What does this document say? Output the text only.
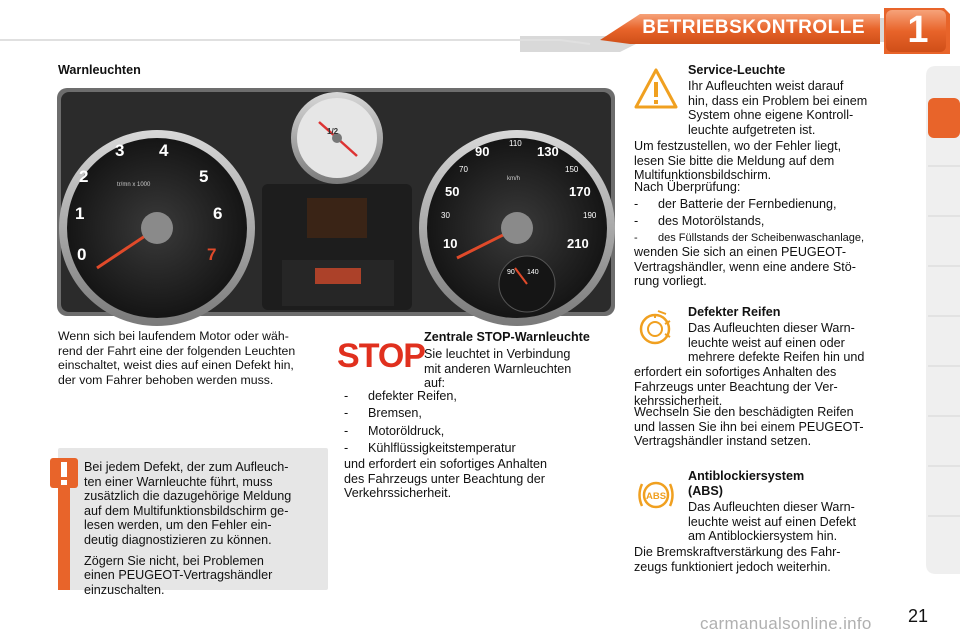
BETRIEBSKONTROLLE	1
Warnleuchten
0
1
2
3 4
5
6
7
tr/mn x 1000
10
30
50
70
90
110
130
150
170
190
210
km/h
90 140
1/2
Wenn sich bei laufendem Motor oder wäh-
rend der Fahrt eine der folgenden Leuchten
einschaltet, weist dies auf einen Defekt hin,
der vom Fahrer behoben werden muss.
Bei jedem Defekt, der zum Aufleuch-
ten einer Warnleuchte führt, muss
zusätzlich die dazugehörige Meldung
auf dem Multifunktionsbildschirm ge-
lesen werden, um den Fehler ein-
deutig diagnostizieren zu können.
Zögern Sie nicht, bei Problemen
einen PEUGEOT-Vertragshändler
einzuschalten.
STOP Zentrale STOP-Warnleuchte
Sie leuchtet in Verbindung
mit anderen Warnleuchten
auf:
- defekter Reifen,
- Bremsen,
- Motoröldruck,
- Kühlflüssigkeitstemperatur
und erfordert ein sofortiges Anhalten
des Fahrzeugs unter Beachtung der
Verkehrssicherheit.
Service-Leuchte
Ihr Aufleuchten weist darauf
hin, dass ein Problem bei einem
System ohne eigene Kontroll-
leuchte aufgetreten ist.
Um festzustellen, wo der Fehler liegt,
lesen Sie bitte die Meldung auf dem
Multifunktionsbildschirm.
Nach Überprüfung:
- der Batterie der Fernbedienung,
- des Motorölstands,
- des Füllstands der Scheibenwaschanlage,
wenden Sie sich an einen PEUGEOT-
Vertragshändler, wenn eine andere Stö-
rung vorliegt.
Defekter Reifen
Das Aufleuchten dieser Warn-
leuchte weist auf einen oder
mehrere defekte Reifen hin und
erfordert ein sofortiges Anhalten des
Fahrzeugs unter Beachtung der Ver-
kehrssicherheit.
Wechseln Sie den beschädigten Reifen
und lassen Sie ihn bei einem PEUGEOT-
Vertragshändler instand setzen.
ABS
Antiblockiersystem
(ABS)
Das Aufleuchten dieser Warn-
leuchte weist auf einen Defekt
am Antiblockiersystem hin.
Die Bremskraftverstärkung des Fahr-
zeugs funktioniert jedoch weiterhin.
carmanualsonline.info 21
